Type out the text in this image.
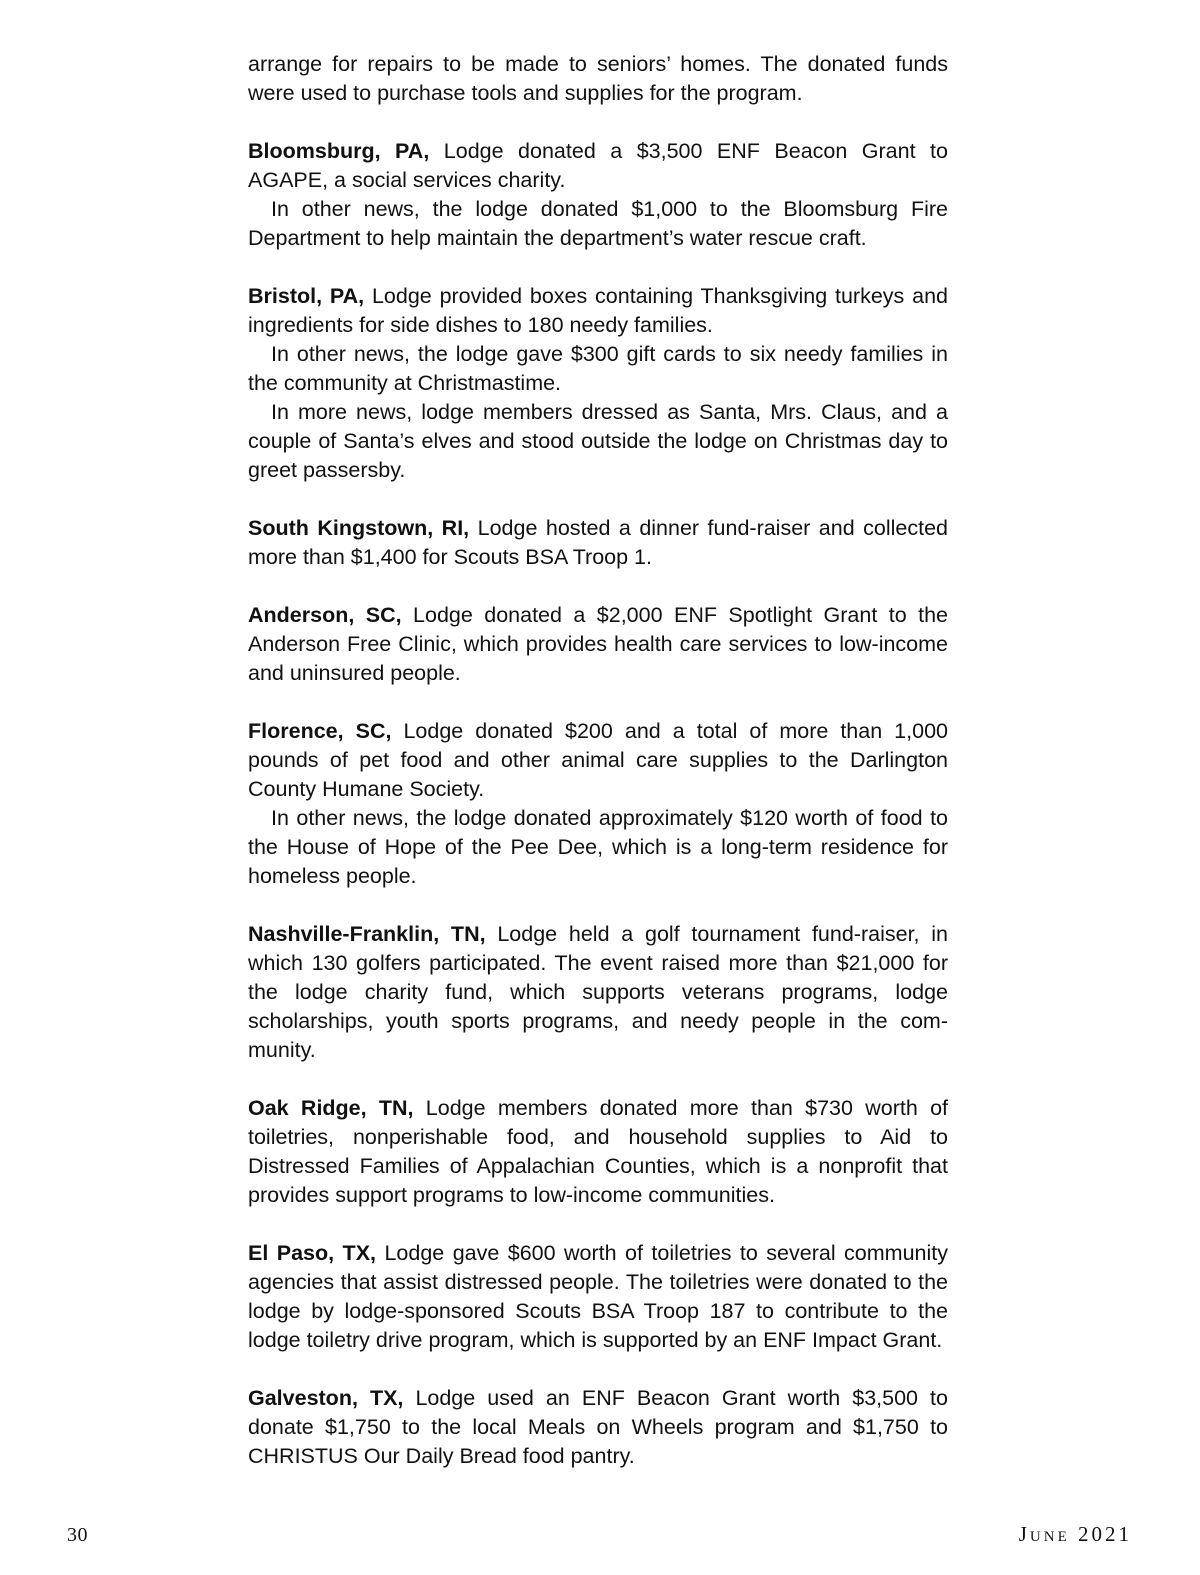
arrange for repairs to be made to seniors’ homes. The donated funds were used to purchase tools and supplies for the program.

Bloomsburg, PA, Lodge donated a $3,500 ENF Beacon Grant to AGAPE, a social services charity.

In other news, the lodge donated $1,000 to the Bloomsburg Fire Department to help maintain the department’s water rescue craft.

Bristol, PA, Lodge provided boxes containing Thanksgiving turkeys and ingredients for side dishes to 180 needy families.

In other news, the lodge gave $300 gift cards to six needy families in the community at Christmastime.

In more news, lodge members dressed as Santa, Mrs. Claus, and a couple of Santa’s elves and stood outside the lodge on Christmas day to greet passersby.

South Kingstown, RI, Lodge hosted a dinner fund-raiser and collected more than $1,400 for Scouts BSA Troop 1.

Anderson, SC, Lodge donated a $2,000 ENF Spotlight Grant to the Anderson Free Clinic, which provides health care services to low-income and uninsured people.

Florence, SC, Lodge donated $200 and a total of more than 1,000 pounds of pet food and other animal care supplies to the Darlington County Humane Society.

In other news, the lodge donated approximately $120 worth of food to the House of Hope of the Pee Dee, which is a long-term residence for homeless people.

Nashville-Franklin, TN, Lodge held a golf tournament fund-raiser, in which 130 golfers participated. The event raised more than $21,000 for the lodge charity fund, which supports veterans programs, lodge scholarships, youth sports programs, and needy people in the community.

Oak Ridge, TN, Lodge members donated more than $730 worth of toiletries, nonperishable food, and household supplies to Aid to Distressed Families of Appalachian Counties, which is a nonprofit that provides support programs to low-income communities.

El Paso, TX, Lodge gave $600 worth of toiletries to several community agencies that assist distressed people. The toiletries were donated to the lodge by lodge-sponsored Scouts BSA Troop 187 to contribute to the lodge toiletry drive program, which is supported by an ENF Impact Grant.

Galveston, TX, Lodge used an ENF Beacon Grant worth $3,500 to donate $1,750 to the local Meals on Wheels program and $1,750 to CHRISTUS Our Daily Bread food pantry.

30	June 2021
